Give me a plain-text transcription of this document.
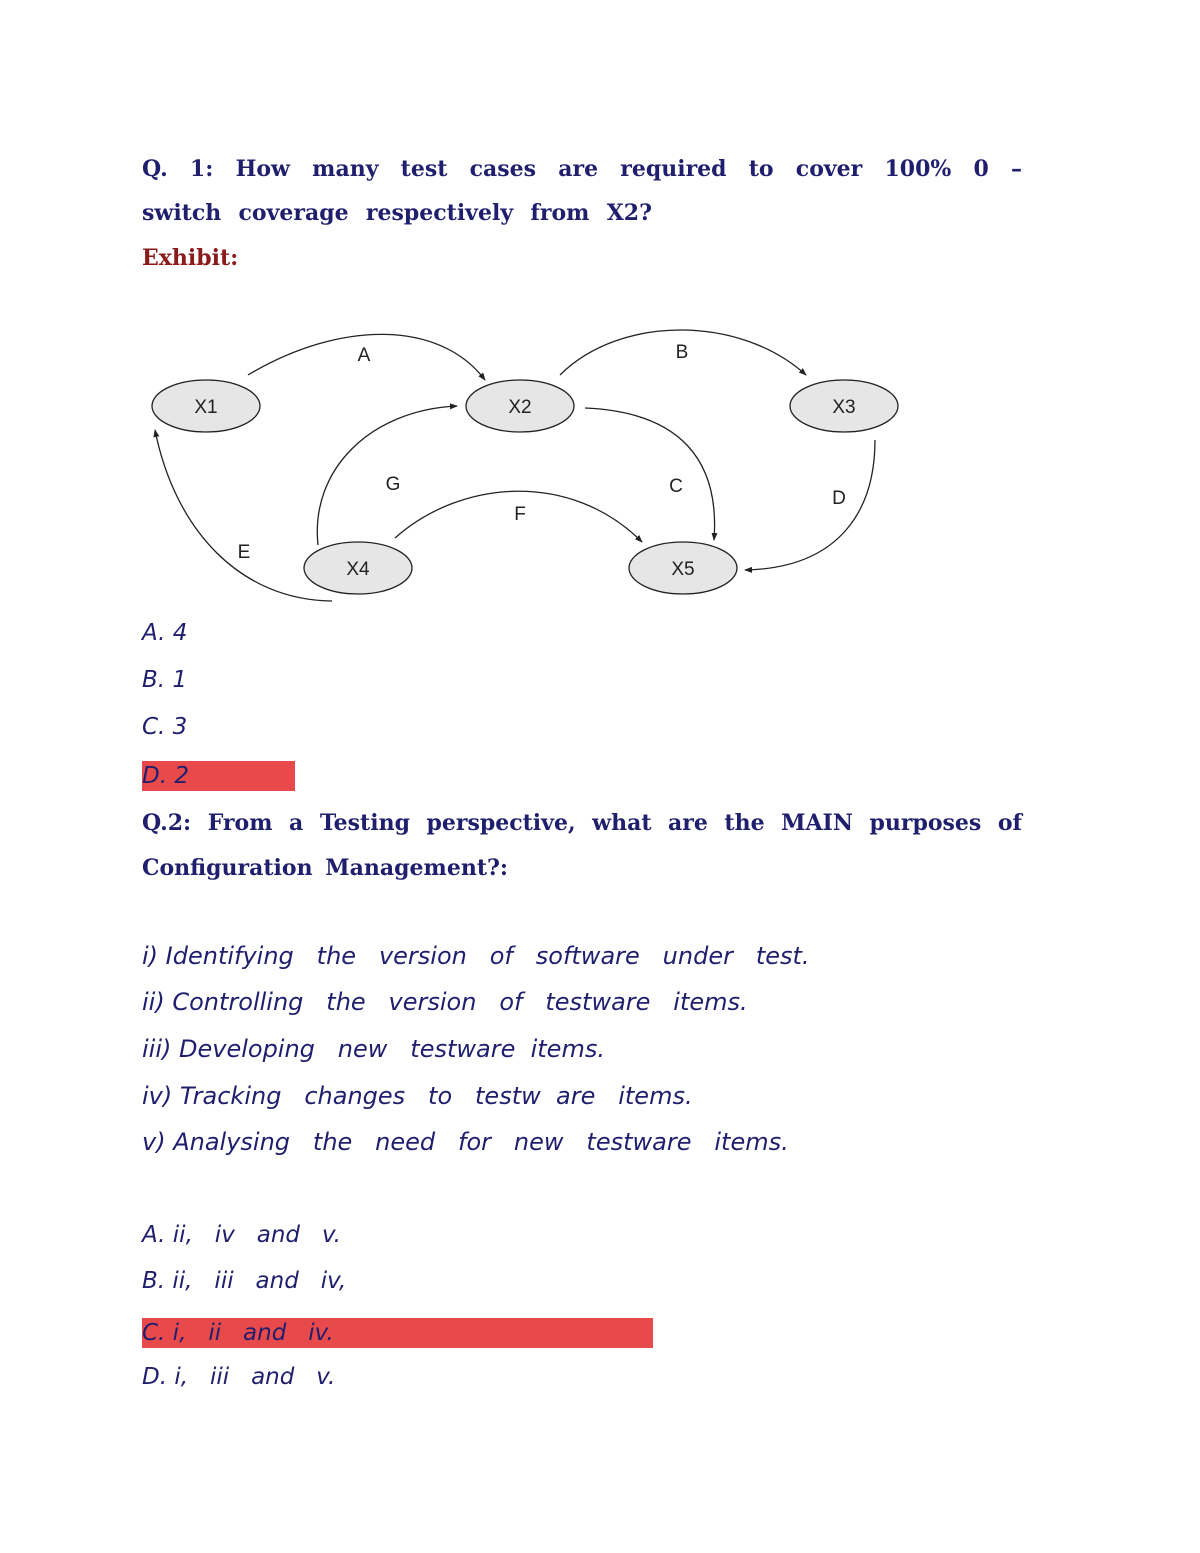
Q. 1: How many test cases are required to cover 100% 0 –
switch coverage respectively from X2?
Exhibit:
X1	X2	X3
X4	X5
A	B
C
D
E
F
G
A. 4
B. 1
C. 3
D. 2
Q.2: From a Testing perspective, what are the MAIN purposes of
Configuration Management?:
i) Identifying   the   version   of   software   under   test.
ii) Controlling   the   version   of   testware   items.
iii) Developing   new   testware  items.
iv) Tracking   changes   to   testw  are   items.
v) Analysing   the   need   for   new   testware   items.
A. ii,   iv   and   v.
B. ii,   iii   and   iv,
C. i,   ii   and   iv.
D. i,   iii   and   v.
